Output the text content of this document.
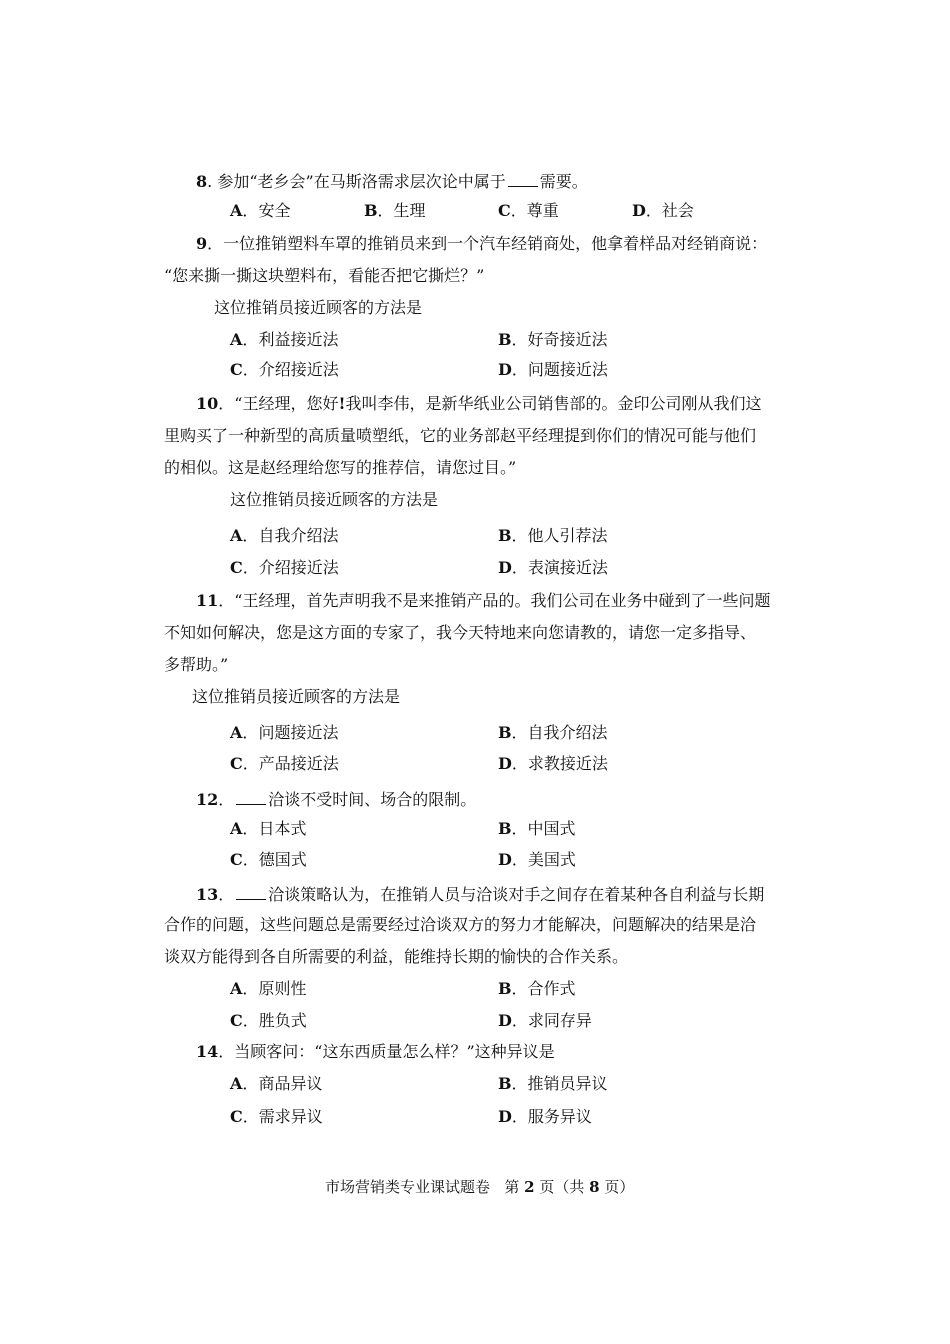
8. 参加“老乡会”在马斯洛需求层次论中属于 需要。
A．安全	B．生理	C．尊重	D．社会
9．一位推销塑料车罩的推销员来到一个汽车经销商处，他拿着样品对经销商说：
“您来撕一撕这块塑料布，看能否把它撕烂？”
这位推销员接近顾客的方法是
A．利益接近法	B．好奇接近法
C．介绍接近法	D．问题接近法
10．“王经理，您好!我叫李伟，是新华纸业公司销售部的。金印公司刚从我们这
里购买了一种新型的高质量喷塑纸，它的业务部赵平经理提到你们的情况可能与他们
的相似。这是赵经理给您写的推荐信，请您过目。”
这位推销员接近顾客的方法是
A．自我介绍法	B．他人引荐法
C．介绍接近法	D．表演接近法
11．“王经理，首先声明我不是来推销产品的。我们公司在业务中碰到了一些问题
不知如何解决，您是这方面的专家了，我今天特地来向您请教的，请您一定多指导、
多帮助。”
这位推销员接近顾客的方法是
A．问题接近法	B．自我介绍法
C．产品接近法	D．求教接近法
12． 洽谈不受时间、场合的限制。
A．日本式	B．中国式
C．德国式	D．美国式
13． 洽谈策略认为，在推销人员与洽谈对手之间存在着某种各自利益与长期
合作的问题，这些问题总是需要经过洽谈双方的努力才能解决，问题解决的结果是洽
谈双方能得到各自所需要的利益，能维持长期的愉快的合作关系。
A．原则性	B．合作式
C．胜负式	D．求同存异
14．当顾客问：“这东西质量怎么样？”这种异议是
A．商品异议	B．推销员异议
C．需求异议	D．服务异议
市场营销类专业课试题卷 第 2 页（共 8 页）
